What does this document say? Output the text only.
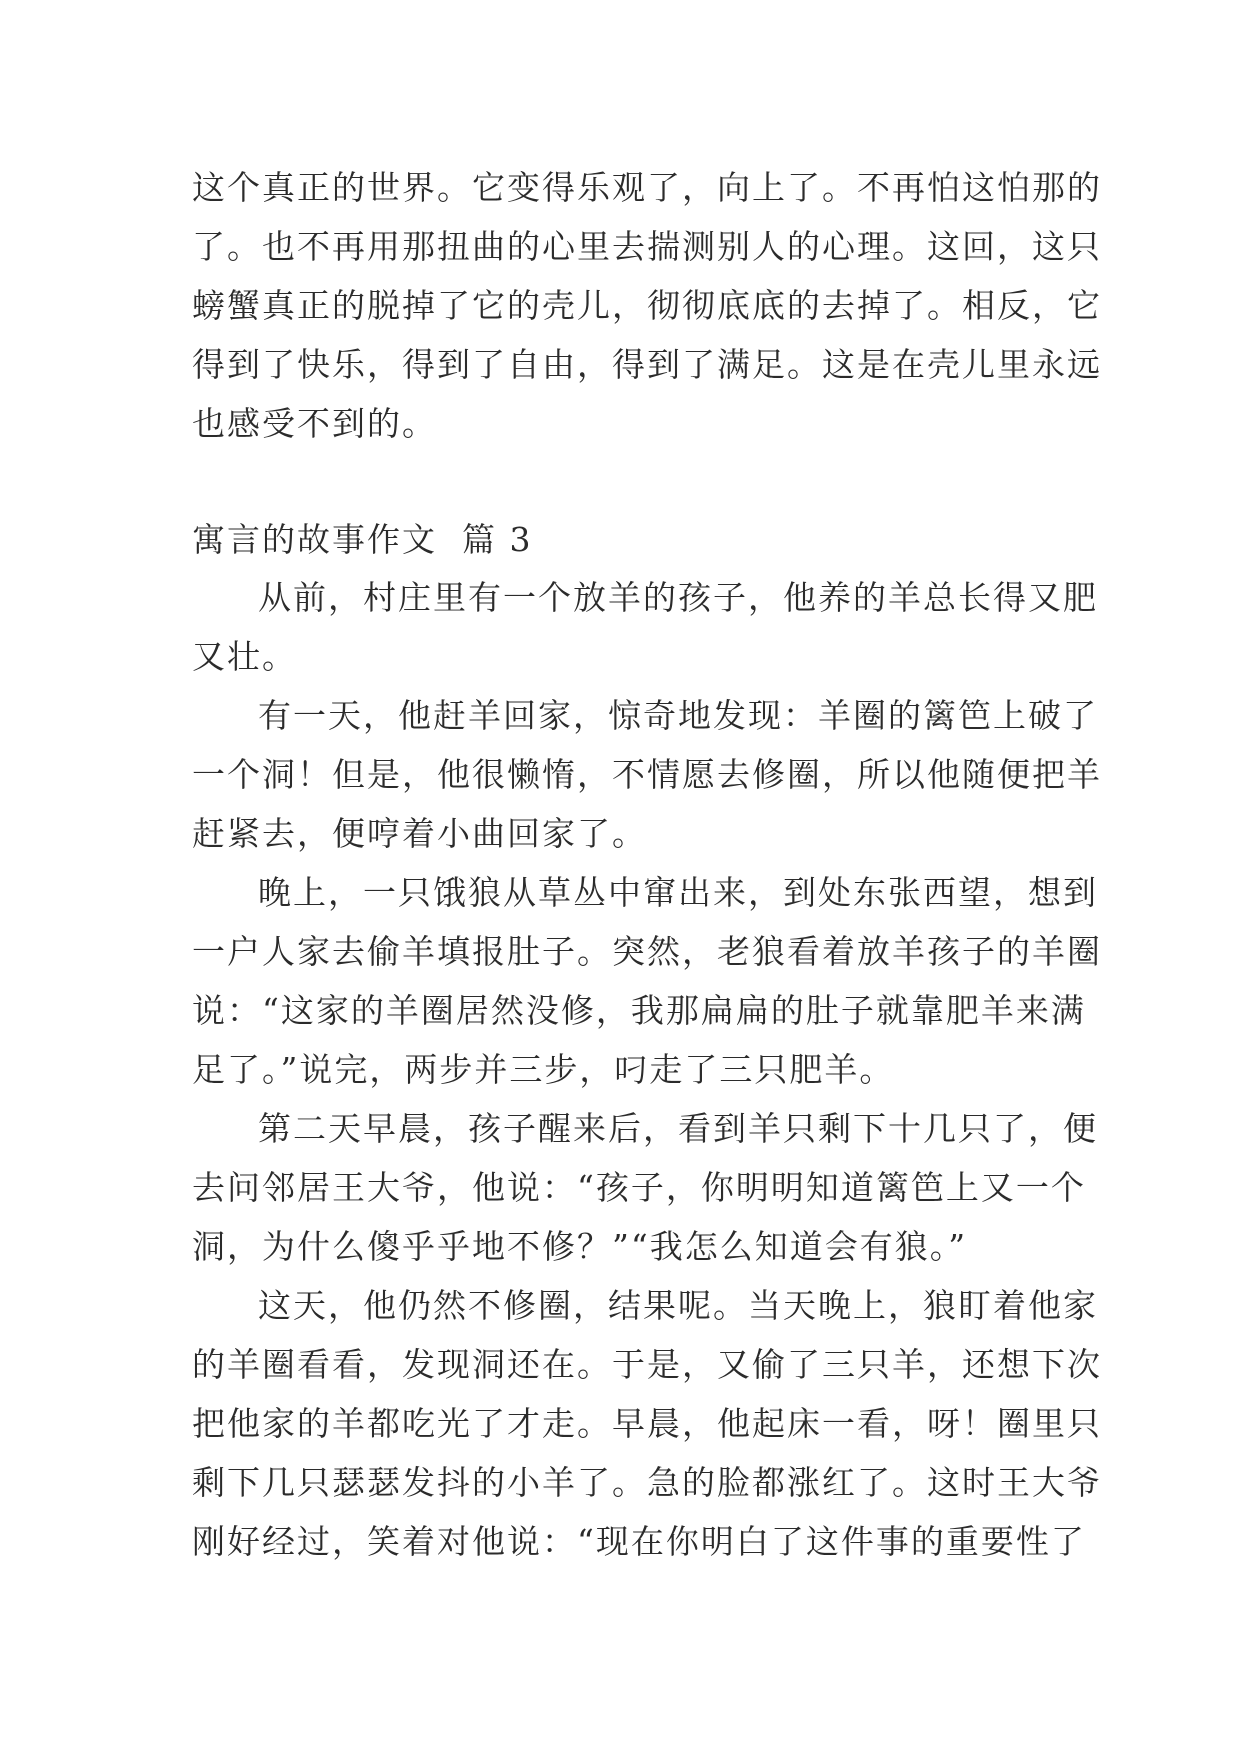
这个真正的世界。它变得乐观了，向上了。不再怕这怕那的
了。也不再用那扭曲的心里去揣测别人的心理。这回，这只
螃蟹真正的脱掉了它的壳儿，彻彻底底的去掉了。相反，它
得到了快乐，得到了自由，得到了满足。这是在壳儿里永远
也感受不到的。
寓言的故事作文  篇 3
从前，村庄里有一个放羊的孩子，他养的羊总长得又肥
又壮。
有一天，他赶羊回家，惊奇地发现：羊圈的篱笆上破了
一个洞！但是，他很懒惰，不情愿去修圈，所以他随便把羊
赶紧去，便哼着小曲回家了。
晚上，一只饿狼从草丛中窜出来，到处东张西望，想到
一户人家去偷羊填报肚子。突然，老狼看着放羊孩子的羊圈
说：“这家的羊圈居然没修，我那扁扁的肚子就靠肥羊来满
足了。”说完，两步并三步，叼走了三只肥羊。
第二天早晨，孩子醒来后，看到羊只剩下十几只了，便
去问邻居王大爷，他说：“孩子，你明明知道篱笆上又一个
洞，为什么傻乎乎地不修？”“我怎么知道会有狼。”
这天，他仍然不修圈，结果呢。当天晚上，狼盯着他家
的羊圈看看，发现洞还在。于是，又偷了三只羊，还想下次
把他家的羊都吃光了才走。早晨，他起床一看，呀！圈里只
剩下几只瑟瑟发抖的小羊了。急的脸都涨红了。这时王大爷
刚好经过，笑着对他说：“现在你明白了这件事的重要性了
